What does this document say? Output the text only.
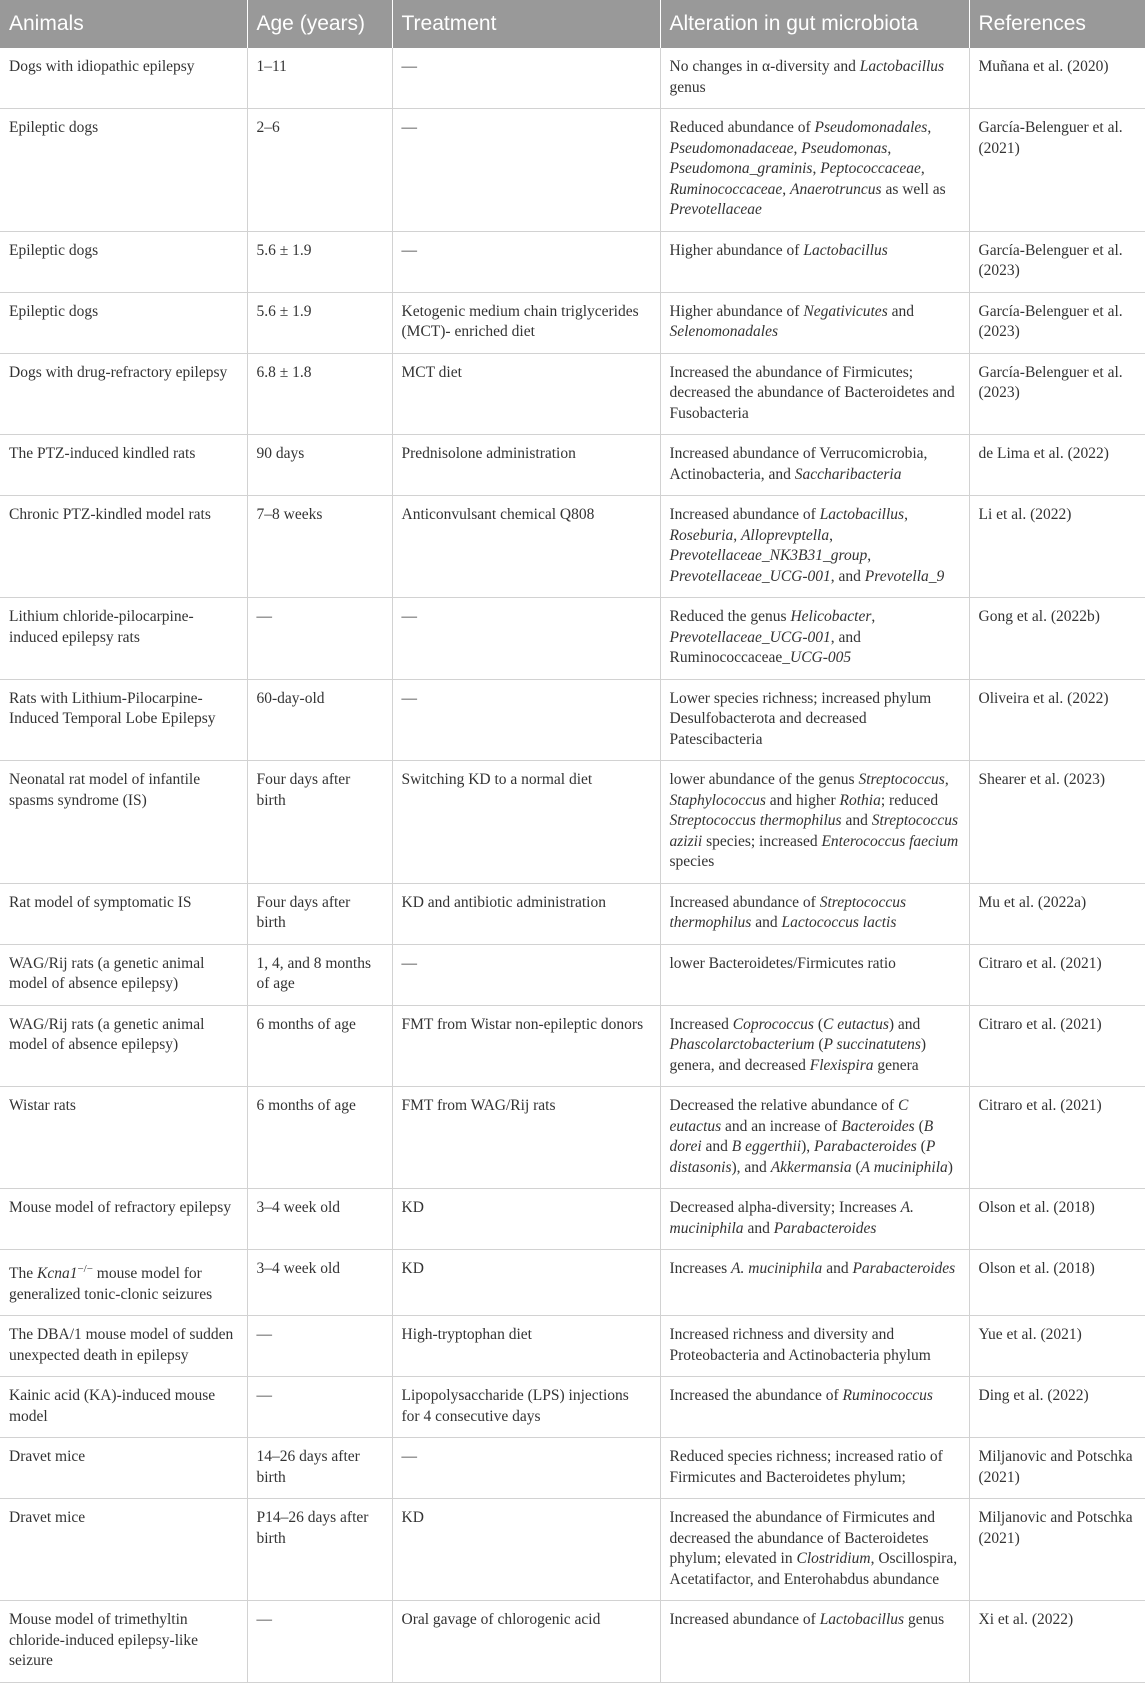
Animals	Age (years)	Treatment	Alteration in gut microbiota	References
Dogs with idiopathic epilepsy	1–11	—	No changes in α-diversity and Lactobacillus genus	Muñana et al. (2020)
Epileptic dogs	2–6	—	Reduced abundance of Pseudomonadales, Pseudomonadaceae, Pseudomonas, Pseudomona_graminis, Peptococcaceae, Ruminococcaceae, Anaerotruncus as well as Prevotellaceae	García-Belenguer et al. (2021)
Epileptic dogs	5.6 ± 1.9	—	Higher abundance of Lactobacillus	García-Belenguer et al. (2023)
Epileptic dogs	5.6 ± 1.9	Ketogenic medium chain triglycerides (MCT)- enriched diet	Higher abundance of Negativicutes and Selenomonadales	García-Belenguer et al. (2023)
Dogs with drug-refractory epilepsy	6.8 ± 1.8	MCT diet	Increased the abundance of Firmicutes; decreased the abundance of Bacteroidetes and Fusobacteria	García-Belenguer et al. (2023)
The PTZ-induced kindled rats	90 days	Prednisolone administration	Increased abundance of Verrucomicrobia, Actinobacteria, and Saccharibacteria	de Lima et al. (2022)
Chronic PTZ-kindled model rats	7–8 weeks	Anticonvulsant chemical Q808	Increased abundance of Lactobacillus, Roseburia, Alloprevptella, Prevotellaceae_NK3B31_group, Prevotellaceae_UCG-001, and Prevotella_9	Li et al. (2022)
Lithium chloride-pilocarpine-induced epilepsy rats	—	—	Reduced the genus Helicobacter, Prevotellaceae_UCG-001, and Ruminococcaceae_UCG-005	Gong et al. (2022b)
Rats with Lithium-Pilocarpine-Induced Temporal Lobe Epilepsy	60-day-old	—	Lower species richness; increased phylum Desulfobacterota and decreased Patescibacteria	Oliveira et al. (2022)
Neonatal rat model of infantile spasms syndrome (IS)	Four days after birth	Switching KD to a normal diet	lower abundance of the genus Streptococcus, Staphylococcus and higher Rothia; reduced Streptococcus thermophilus and Streptococcus azizii species; increased Enterococcus faecium species	Shearer et al. (2023)
Rat model of symptomatic IS	Four days after birth	KD and antibiotic administration	Increased abundance of Streptococcus thermophilus and Lactococcus lactis	Mu et al. (2022a)
WAG/Rij rats (a genetic animal model of absence epilepsy)	1, 4, and 8 months of age	—	lower Bacteroidetes/Firmicutes ratio	Citraro et al. (2021)
WAG/Rij rats (a genetic animal model of absence epilepsy)	6 months of age	FMT from Wistar non-epileptic donors	Increased Coprococcus (C eutactus) and Phascolarctobacterium (P succinatutens) genera, and decreased Flexispira genera	Citraro et al. (2021)
Wistar rats	6 months of age	FMT from WAG/Rij rats	Decreased the relative abundance of C eutactus and an increase of Bacteroides (B dorei and B eggerthii), Parabacteroides (P distasonis), and Akkermansia (A muciniphila)	Citraro et al. (2021)
Mouse model of refractory epilepsy	3–4 week old	KD	Decreased alpha-diversity; Increases A. muciniphila and Parabacteroides	Olson et al. (2018)
The Kcna1−/− mouse model for generalized tonic-clonic seizures	3–4 week old	KD	Increases A. muciniphila and Parabacteroides	Olson et al. (2018)
The DBA/1 mouse model of sudden unexpected death in epilepsy	—	High-tryptophan diet	Increased richness and diversity and Proteobacteria and Actinobacteria phylum	Yue et al. (2021)
Kainic acid (KA)-induced mouse model	—	Lipopolysaccharide (LPS) injections for 4 consecutive days	Increased the abundance of Ruminococcus	Ding et al. (2022)
Dravet mice	14–26 days after birth	—	Reduced species richness; increased ratio of Firmicutes and Bacteroidetes phylum;	Miljanovic and Potschka (2021)
Dravet mice	P14–26 days after birth	KD	Increased the abundance of Firmicutes and decreased the abundance of Bacteroidetes phylum; elevated in Clostridium, Oscillospira, Acetatifactor, and Enterohabdus abundance	Miljanovic and Potschka (2021)
Mouse model of trimethyltin chloride-induced epilepsy-like seizure	—	Oral gavage of chlorogenic acid	Increased abundance of Lactobacillus genus	Xi et al. (2022)
